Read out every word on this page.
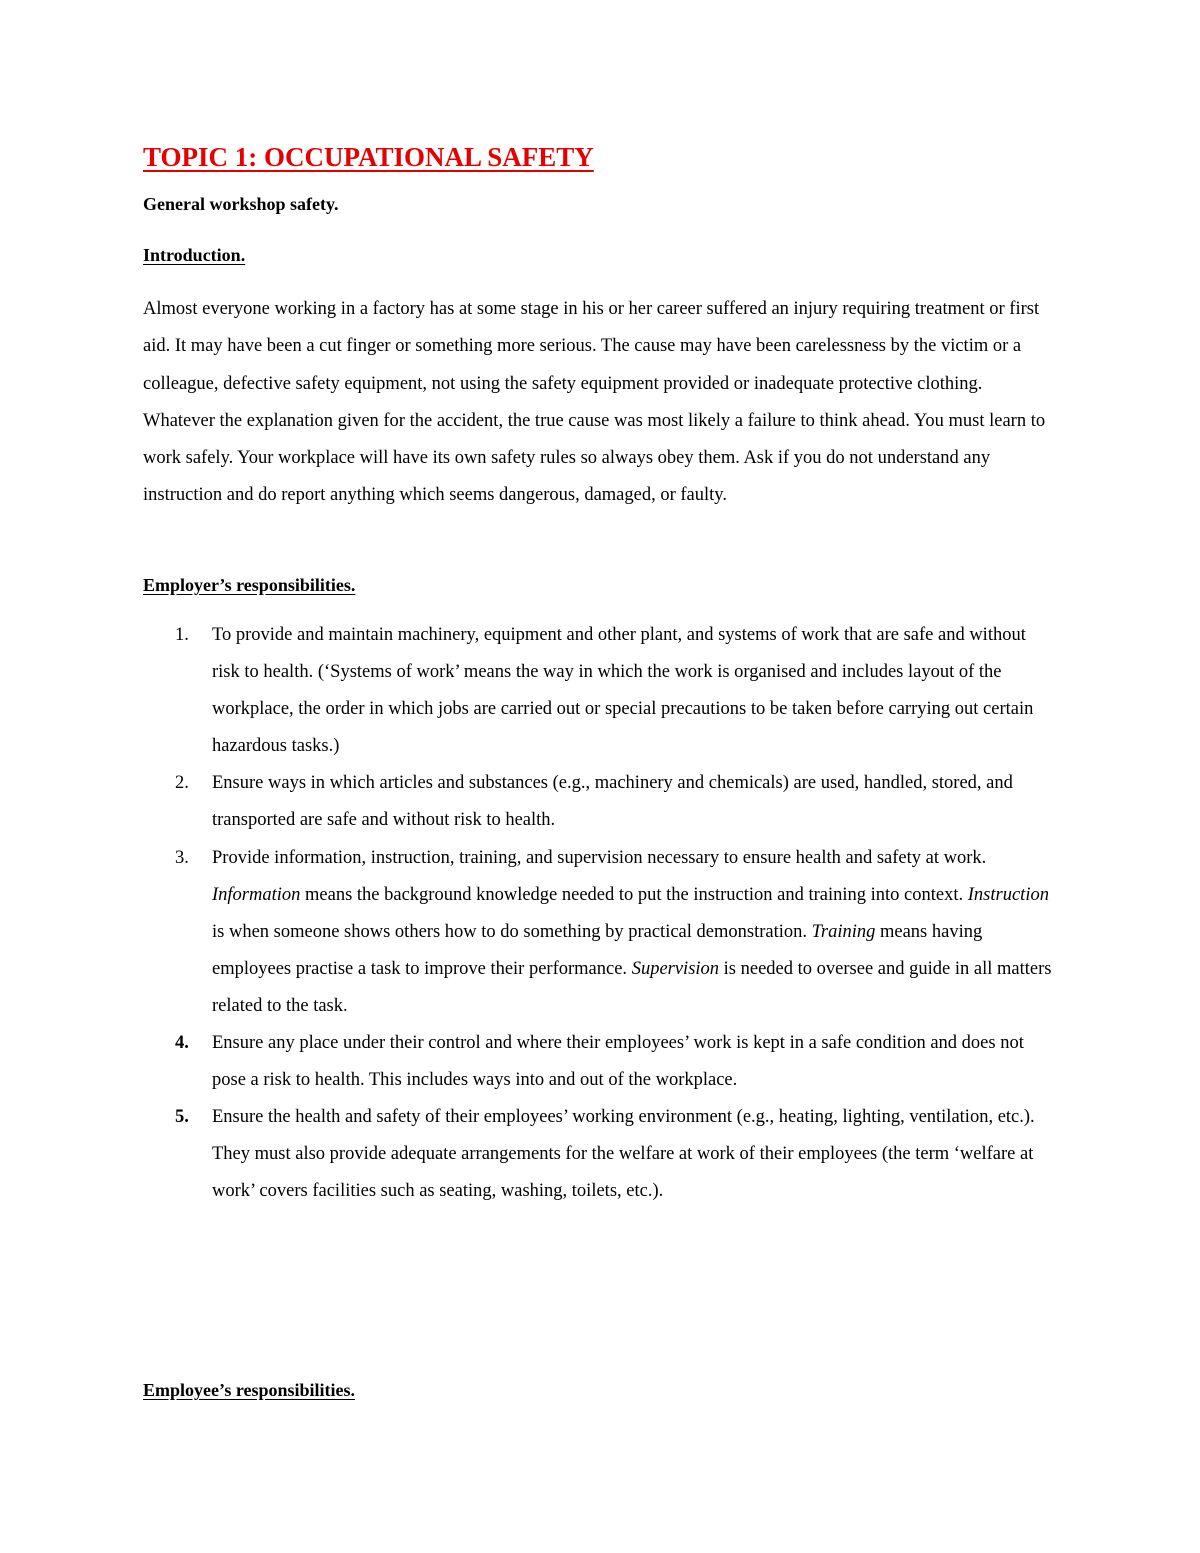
TOPIC 1: OCCUPATIONAL SAFETY
General workshop safety.
Introduction.

Almost everyone working in a factory has at some stage in his or her career suffered an injury requiring treatment or first aid. It may have been a cut finger or something more serious. The cause may have been carelessness by the victim or a colleague, defective safety equipment, not using the safety equipment provided or inadequate protective clothing. Whatever the explanation given for the accident, the true cause was most likely a failure to think ahead. You must learn to work safely. Your workplace will have its own safety rules so always obey them. Ask if you do not understand any instruction and do report anything which seems dangerous, damaged, or faulty.

Employer’s responsibilities.
1. To provide and maintain machinery, equipment and other plant, and systems of work that are safe and without risk to health. (‘Systems of work’ means the way in which the work is organised and includes layout of the workplace, the order in which jobs are carried out or special precautions to be taken before carrying out certain hazardous tasks.)
2. Ensure ways in which articles and substances (e.g., machinery and chemicals) are used, handled, stored, and transported are safe and without risk to health.
3. Provide information, instruction, training, and supervision necessary to ensure health and safety at work. Information means the background knowledge needed to put the instruction and training into context. Instruction is when someone shows others how to do something by practical demonstration. Training means having employees practise a task to improve their performance. Supervision is needed to oversee and guide in all matters related to the task.
4. Ensure any place under their control and where their employees’ work is kept in a safe condition and does not pose a risk to health. This includes ways into and out of the workplace.
5. Ensure the health and safety of their employees’ working environment (e.g., heating, lighting, ventilation, etc.). They must also provide adequate arrangements for the welfare at work of their employees (the term ‘welfare at work’ covers facilities such as seating, washing, toilets, etc.).
Employee’s responsibilities.
